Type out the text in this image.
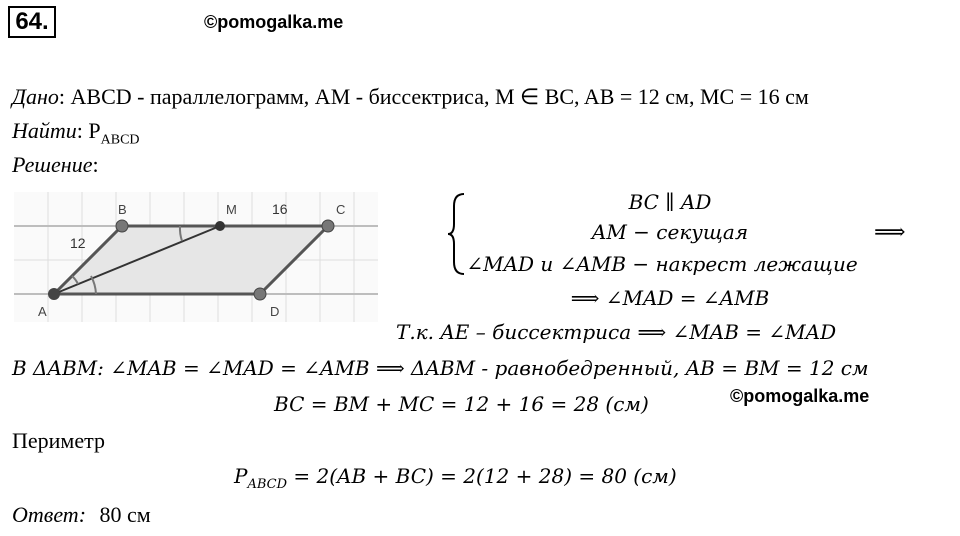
64.	©pomogalka.me
Дано: ABCD - параллелограмм, AM - биссектриса, M ∈ BC, AB = 12 см, MC = 16 см
Найти: $P_{ABCD}$
Решение:
B	M	C
A	D
12
16	BC ∥ AD
AM − секущая
∠MAD и ∠AMB − накрест лежащие
⟹
⟹ ∠MAD = ∠AMB
Т.к. AE – биссектриса ⟹ ∠MAB = ∠MAD
В ΔABM: ∠MAB = ∠MAD = ∠AMB ⟹ ΔABM - равнобедренный, AB = BM = 12 см
BC = BM + MC = 12 + 16 = 28 (см)	©pomogalka.me
Периметр
$P_{ABCD} = 2(AB + BC) = 2(12 + 28) = 80$ (см)
Ответ: 80 см
